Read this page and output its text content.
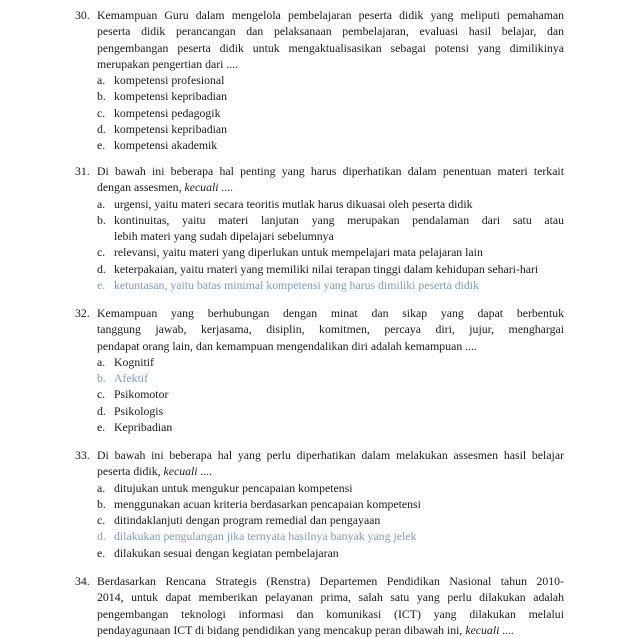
30. Kemampuan Guru dalam mengelola pembelajaran peserta didik yang meliputi pemahaman
peserta didik perancangan dan pelaksanaan pembelajaran, evaluasi hasil belajar, dan
pengembangan peserta didik untuk mengaktualisasikan sebagai potensi yang dimilikinya
merupakan pengertian dari ....
a. kompetensi profesional
b. kompetensi kepribadian
c. kompetensi pedagogik
d. kompetensi kepribadian
e. kompetensi akademik
31. Di bawah ini beberapa hal penting yang harus diperhatikan dalam penentuan materi terkait
dengan assesmen, kecuali ....
a. urgensi, yaitu materi secara teoritis mutlak harus dikuasai oleh peserta didik
b. kontinuitas, yaitu materi lanjutan yang merupakan pendalaman dari satu atau
lebih materi yang sudah dipelajari sebelumnya
c. relevansi, yaitu materi yang diperlukan untuk mempelajari mata pelajaran lain
d. keterpakaian, yaitu rnateri yang memiliki nilai terapan tinggi dalam kehidupan sehari-hari
e. ketuntasan, yaitu batas minimal kompetensi yang harus dimiliki peserta didik
32. Kemampuan yang berhubungan dengan minat dan sikap yang dapat berbentuk
tanggung jawab, kerjasama, disiplin, komitmen, percaya diri, jujur, menghargai
pendapat orang lain, dan kemampuan mengendalikan diri adalah kemampuan ....
a. Kognitif
b. Afektif
c. Psikomotor
d. Psikologis
e. Kepribadian
33. Di bawah ini beberapa hal yang perlu diperhatikan dalam melakukan assesmen hasil belajar
peserta didik, kecuali ....
a. ditujukan untuk mengukur pencapaian kompetensi
b. menggunakan acuan kriteria berdasarkan pencapaian kompetensi
c. ditindaklanjuti dengan program remedial dan pengayaan
d. dilakukan pengulangan jika ternyata hasilnya banyak yang jelek
e. dilakukan sesuai dengan kegiatan pembelajaran
34. Berdasarkan Rencana Strategis (Renstra) Departemen Pendidikan Nasional tahun 2010-
2014, untuk dapat memberikan pelayanan prima, salah satu yang perlu dilakukan adalah
pengembangan teknologi informasi dan komunikasi (ICT) yang dilakukan melalui
pendayagunaan ICT di bidang pendidikan yang mencakup peran dibawah ini, kecuali ....
